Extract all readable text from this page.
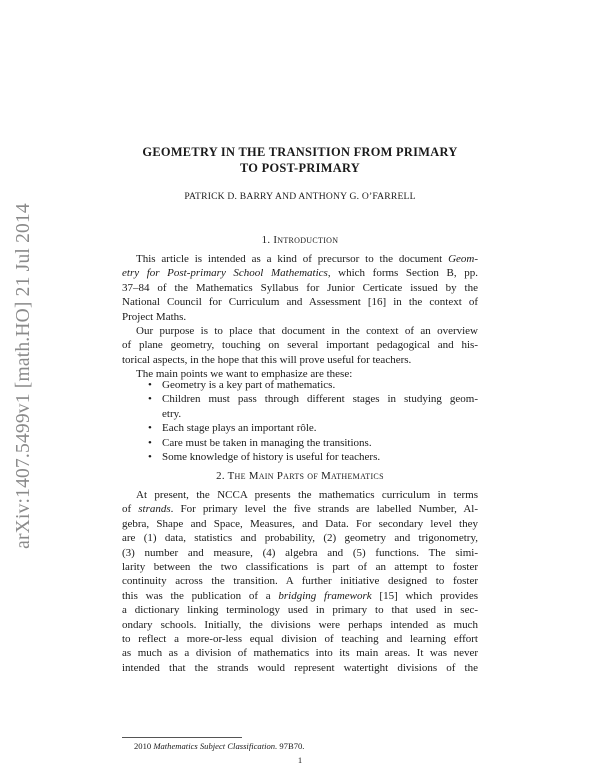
arXiv:1407.5499v1 [math.HO] 21 Jul 2014
GEOMETRY IN THE TRANSITION FROM PRIMARY
TO POST-PRIMARY
PATRICK D. BARRY AND ANTHONY G. O’FARRELL
1. Introduction
This article is intended as a kind of precursor to the document Geom-
etry for Post-primary School Mathematics, which forms Section B, pp.
37–84 of the Mathematics Syllabus for Junior Certicate issued by the
National Council for Curriculum and Assessment [16] in the context of
Project Maths.
Our purpose is to place that document in the context of an overview
of plane geometry, touching on several important pedagogical and his-
torical aspects, in the hope that this will prove useful for teachers.
The main points we want to emphasize are these:
• Geometry is a key part of mathematics.
• Children must pass through different stages in studying geom-
etry.
• Each stage plays an important rôle.
• Care must be taken in managing the transitions.
• Some knowledge of history is useful for teachers.
2. The Main Parts of Mathematics
At present, the NCCA presents the mathematics curriculum in terms
of strands. For primary level the five strands are labelled Number, Al-
gebra, Shape and Space, Measures, and Data. For secondary level they
are (1) data, statistics and probability, (2) geometry and trigonometry,
(3) number and measure, (4) algebra and (5) functions. The simi-
larity between the two classifications is part of an attempt to foster
continuity across the transition. A further initiative designed to foster
this was the publication of a bridging framework [15] which provides
a dictionary linking terminology used in primary to that used in sec-
ondary schools. Initially, the divisions were perhaps intended as much
to reflect a more-or-less equal division of teaching and learning effort
as much as a division of mathematics into its main areas. It was never
intended that the strands would represent watertight divisions of the
2010 Mathematics Subject Classification. 97B70.
1
